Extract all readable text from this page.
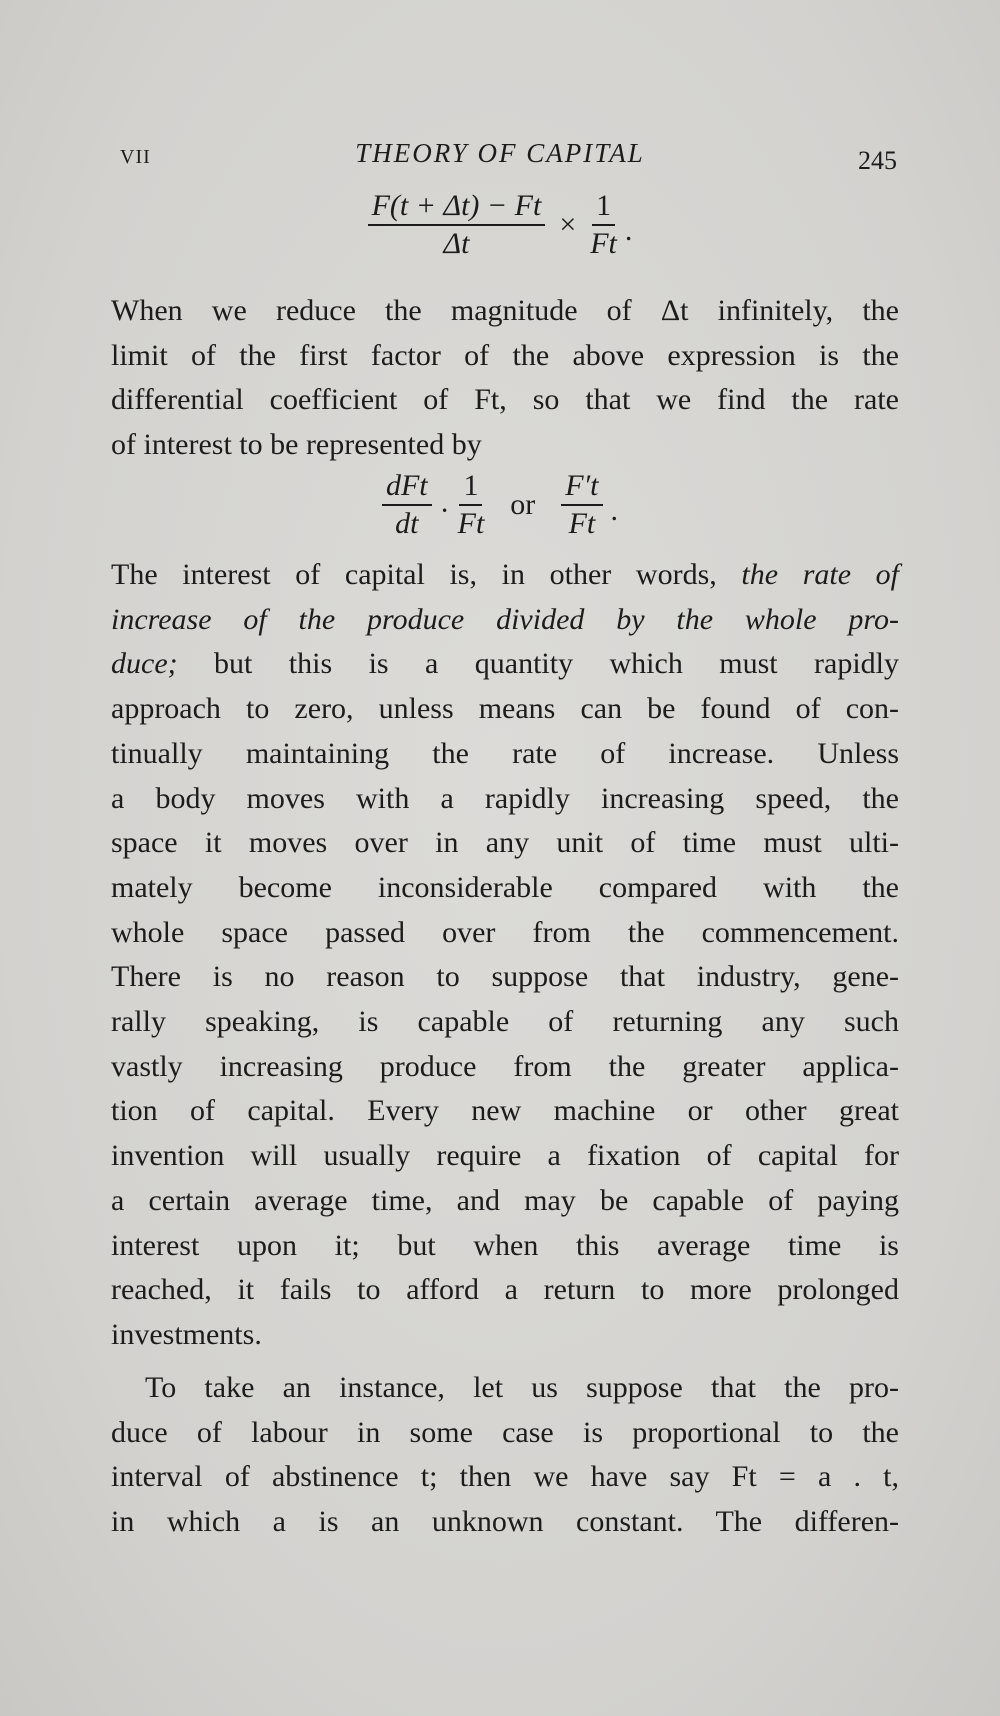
VII	THEORY OF CAPITAL	245
$\frac{F(t + \Delta t) - Ft}{\Delta t} \times \frac{1}{Ft}$ .
When we reduce the magnitude of Δt infinitely, the
limit of the first factor of the above expression is the
differential coefficient of Ft, so that we find the rate
of interest to be represented by
$\frac{\text{dFt}}{dt} \cdot \frac{1}{Ft}$ or $\frac{F't}{Ft}$ .
The interest of capital is, in other words, the rate of
increase of the produce divided by the whole pro-
duce; but this is a quantity which must rapidly
approach to zero, unless means can be found of con-
tinually maintaining the rate of increase. Unless
a body moves with a rapidly increasing speed, the
space it moves over in any unit of time must ulti-
mately become inconsiderable compared with the
whole space passed over from the commencement.
There is no reason to suppose that industry, gene-
rally speaking, is capable of returning any such
vastly increasing produce from the greater applica-
tion of capital. Every new machine or other great
invention will usually require a fixation of capital for
a certain average time, and may be capable of paying
interest upon it; but when this average time is
reached, it fails to afford a return to more prolonged
investments.
To take an instance, let us suppose that the pro-
duce of labour in some case is proportional to the
interval of abstinence t; then we have say Ft = a . t,
in which a is an unknown constant. The differen-
